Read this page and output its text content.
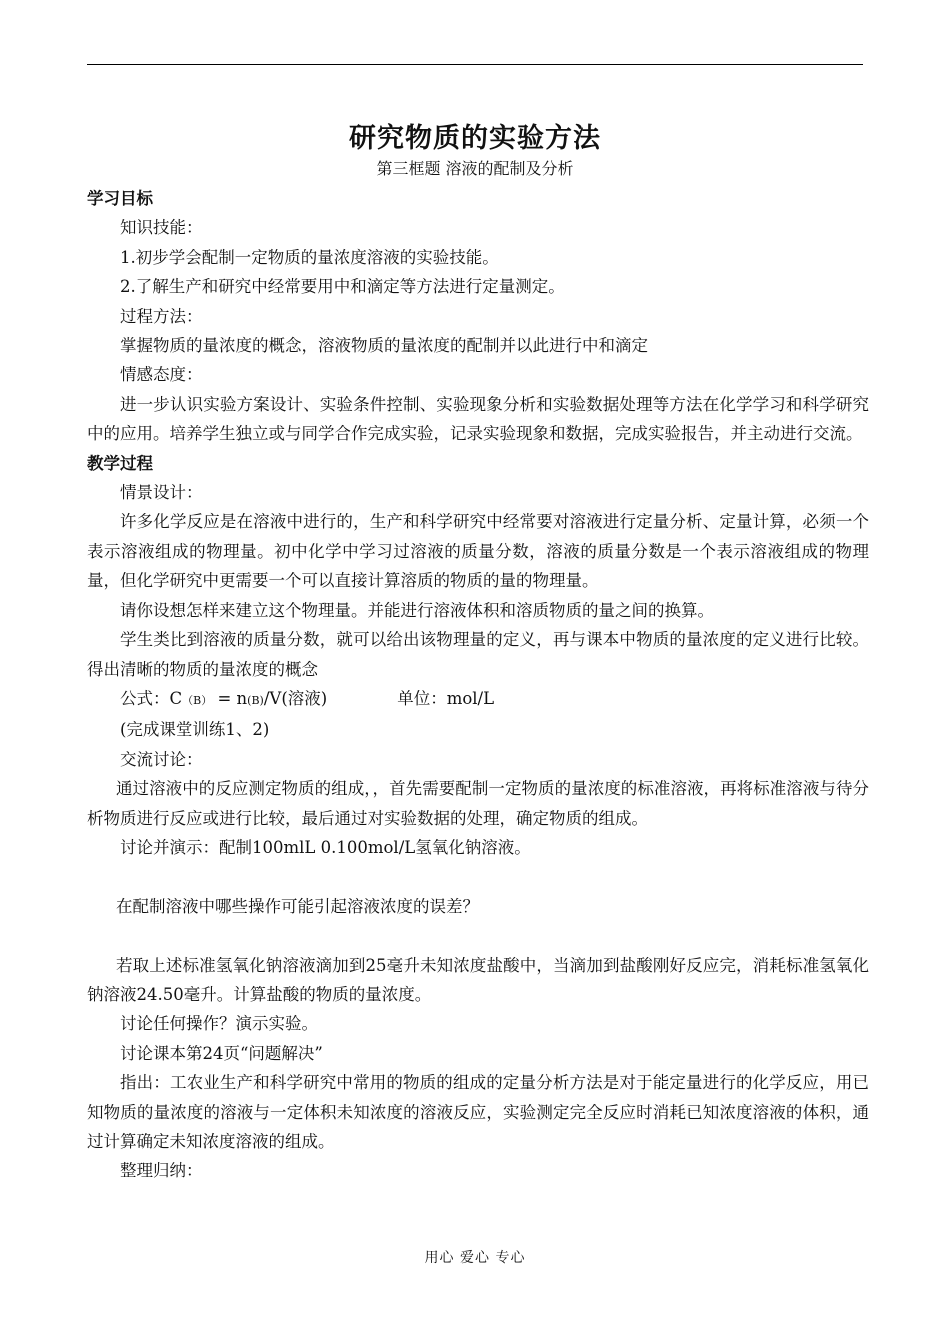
研究物质的实验方法
第三框题 溶液的配制及分析

学习目标

知识技能：

1.初步学会配制一定物质的量浓度溶液的实验技能。

2.了解生产和研究中经常要用中和滴定等方法进行定量测定。

过程方法：

掌握物质的量浓度的概念，溶液物质的量浓度的配制并以此进行中和滴定

情感态度：

进一步认识实验方案设计、实验条件控制、实验现象分析和实验数据处理等方法在化学学习和科学研究中的应用。培养学生独立或与同学合作完成实验，记录实验现象和数据，完成实验报告，并主动进行交流。

教学过程

情景设计：

许多化学反应是在溶液中进行的，生产和科学研究中经常要对溶液进行定量分析、定量计算，必须一个表示溶液组成的物理量。初中化学中学习过溶液的质量分数，溶液的质量分数是一个表示溶液组成的物理量，但化学研究中更需要一个可以直接计算溶质的物质的量的物理量。

请你设想怎样来建立这个物理量。并能进行溶液体积和溶质物质的量之间的换算。

学生类比到溶液的质量分数，就可以给出该物理量的定义，再与课本中物质的量浓度的定义进行比较。得出清晰的物质的量浓度的概念

公式：C（B） = n(B)/V(溶液)	单位：mol/L

(完成课堂训练1、2)

交流讨论：

通过溶液中的反应测定物质的组成，，首先需要配制一定物质的量浓度的标准溶液，再将标准溶液与待分析物质进行反应或进行比较，最后通过对实验数据的处理，确定物质的组成。

讨论并演示：配制100mlL 0.100mol/L氢氧化钠溶液。

在配制溶液中哪些操作可能引起溶液浓度的误差？

若取上述标准氢氧化钠溶液滴加到25毫升未知浓度盐酸中，当滴加到盐酸刚好反应完，消耗标准氢氧化钠溶液24.50毫升。计算盐酸的物质的量浓度。

讨论任何操作？演示实验。

讨论课本第24页“问题解决”

指出：工农业生产和科学研究中常用的物质的组成的定量分析方法是对于能定量进行的化学反应，用已知物质的量浓度的溶液与一定体积未知浓度的溶液反应，实验测定完全反应时消耗已知浓度溶液的体积，通过计算确定未知浓度溶液的组成。

整理归纳：

用心 爱心 专心
